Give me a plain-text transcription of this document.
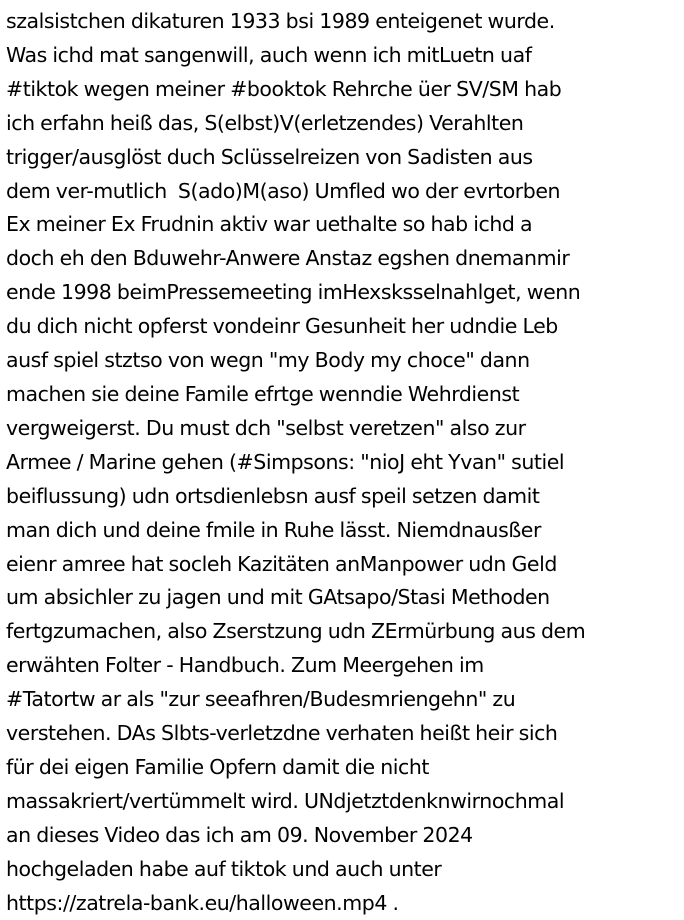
szalsistchen dikaturen 1933 bsi 1989 enteigenet wurde.
Was ichd mat sangenwill, auch wenn ich mitLuetn uaf
#tiktok wegen meiner #booktok Rehrche üer SV/SM hab
ich erfahn heiß das, S(elbst)V(erletzendes) Verahlten
trigger/ausglöst duch Sclüsselreizen von Sadisten aus
dem ver-mutlich  S(ado)M(aso) Umfled wo der evrtorben
Ex meiner Ex Frudnin aktiv war uethalte so hab ichd a
doch eh den Bduwehr-Anwere Anstaz egshen dnemanmir
ende 1998 beimPressemeeting imHexsksselnahlget, wenn
du dich nicht opferst vondeinr Gesunheit her udndie Leb
ausf spiel stztso von wegn "my Body my choce" dann
machen sie deine Famile efrtge wenndie Wehrdienst
vergweigerst. Du must dch "selbst veretzen" also zur
Armee / Marine gehen (#Simpsons: "nioJ eht Yvan" sutiel
beiflussung) udn ortsdienlebsn ausf speil setzen damit
man dich und deine fmile in Ruhe lässt. Niemdnausßer
eienr amree hat socleh Kazitäten anManpower udn Geld
um absichler zu jagen und mit GAtsapo/Stasi Methoden
fertgzumachen, also Zserstzung udn ZErmürbung aus dem
erwähten Folter - Handbuch. Zum Meergehen im
#Tatortw ar als "zur seeafhren/Budesmriengehn" zu
verstehen. DAs Slbts-verletzdne verhaten heißt heir sich
für dei eigen Familie Opfern damit die nicht
massakriert/vertümmelt wird. UNdjetztdenknwirnochmal
an dieses Video das ich am 09. November 2024
hochgeladen habe auf tiktok und auch unter
https://zatrela-bank.eu/halloween.mp4 .
